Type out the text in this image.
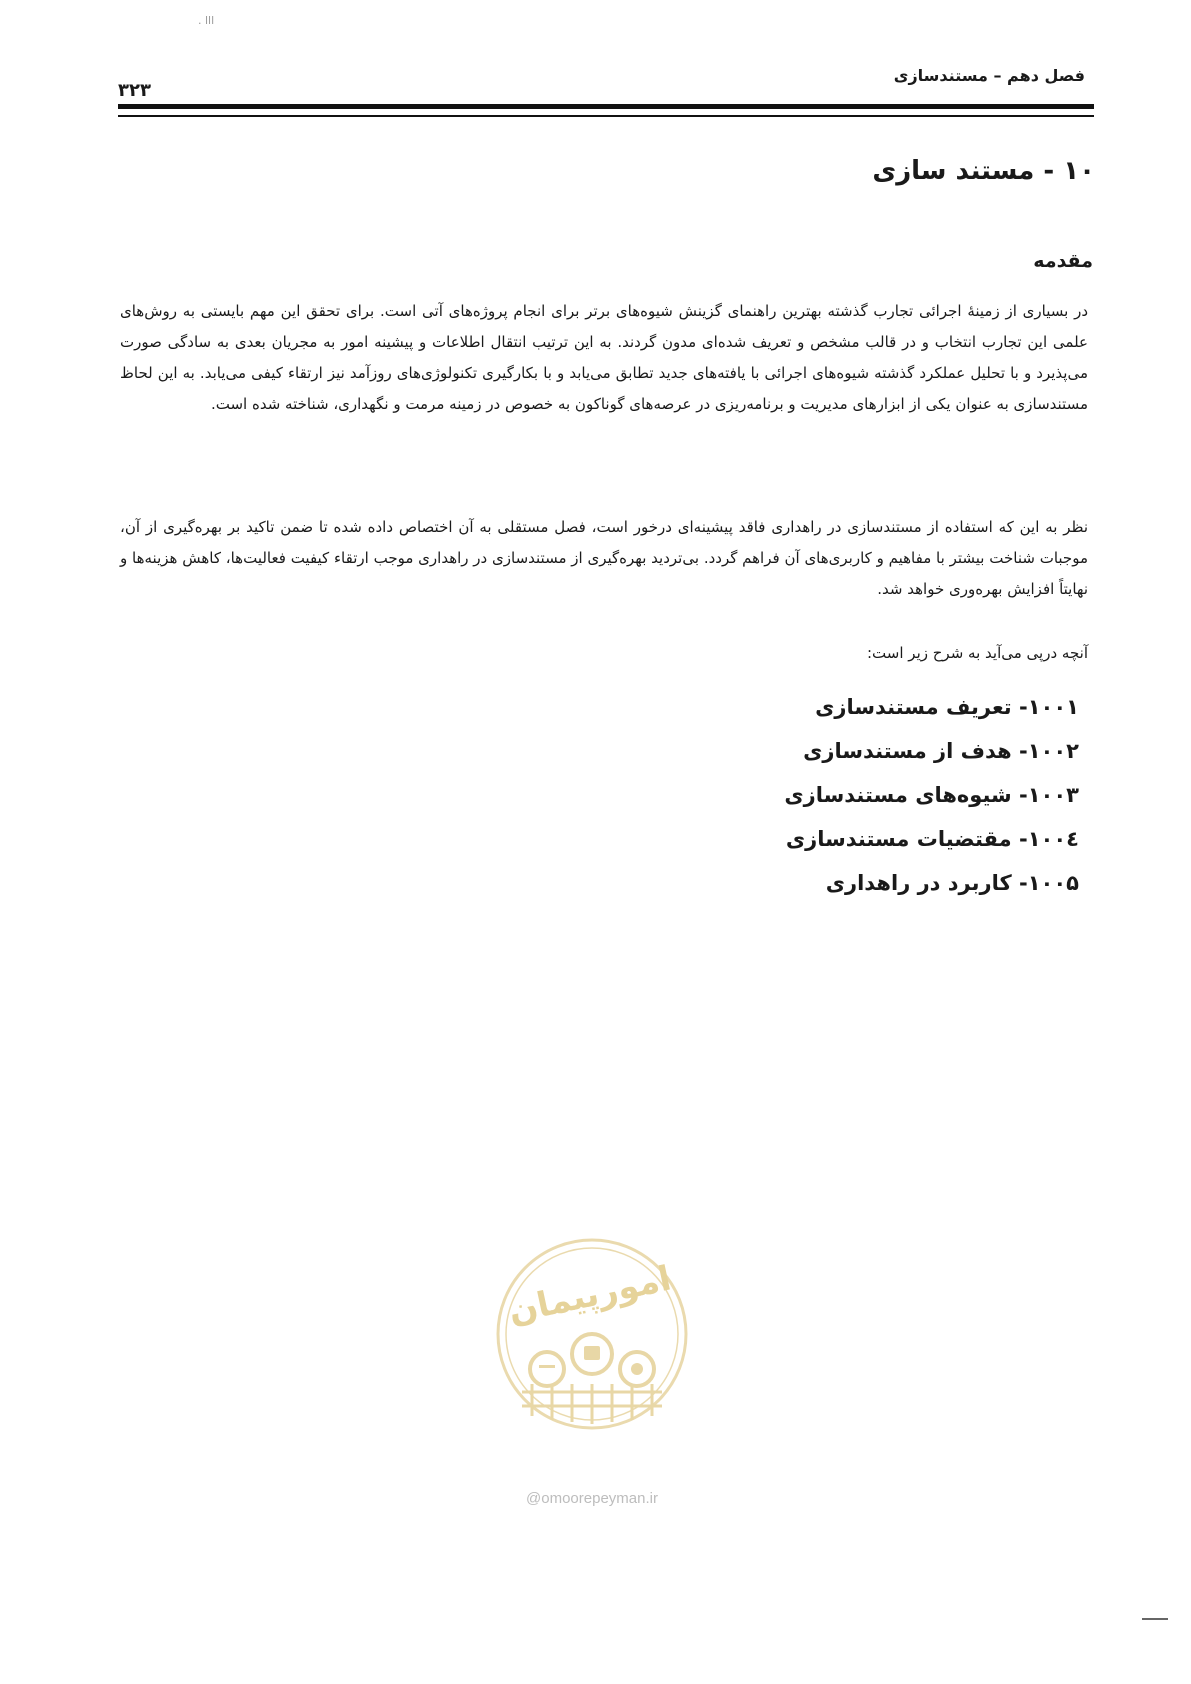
. lll
فصل دهم – مستندسازی
۳۲۳
۱۰ - مستند سازی
مقدمه

در بسیاری از زمینهٔ اجرائی تجارب گذشته بهترین راهنمای گزینش شیوه‌های برتر برای انجام پروژه‌های آتی است. برای تحقق این مهم بایستی به روش‌های علمی این تجارب انتخاب و در قالب مشخص و تعریف شده‌ای مدون گردند. به این ترتیب انتقال اطلاعات و پیشینه امور به مجریان بعدی به سادگی صورت می‌پذیرد و با تحلیل عملکرد گذشته شیوه‌های اجرائی با یافته‌های جدید تطابق می‌یابد و با بکارگیری تکنولوژی‌های روزآمد نیز ارتقاء کیفی می‌یابد. به این لحاظ مستندسازی به عنوان یکی از ابزارهای مدیریت و برنامه‌ریزی در عرصه‌های گوناکون به خصوص در زمینه مرمت و نگهداری، شناخته شده است.

نظر به این که استفاده از مستندسازی در راهداری فاقد پیشینه‌ای درخور است، فصل مستقلی به آن اختصاص داده شده تا ضمن تاکید بر بهره‌گیری از آن، موجبات شناخت بیشتر با مفاهیم و کاربری‌های آن فراهم گردد. بی‌تردید بهره‌گیری از مستندسازی در راهداری موجب ارتقاء کیفیت فعالیت‌ها، کاهش هزینه‌ها و نهایتاً افزایش بهره‌وری خواهد شد.

آنچه درپی می‌آید به شرح زیر است:

۱۰۰۱- تعریف مستندسازی
۱۰۰۲- هدف از مستندسازی
۱۰۰۳- شیوه‌های مستندسازی
۱۰۰٤- مقتضیات مستندسازی
۱۰۰۵- کاربرد در راهداری
امورپیمان
@omoorepeyman.ir
